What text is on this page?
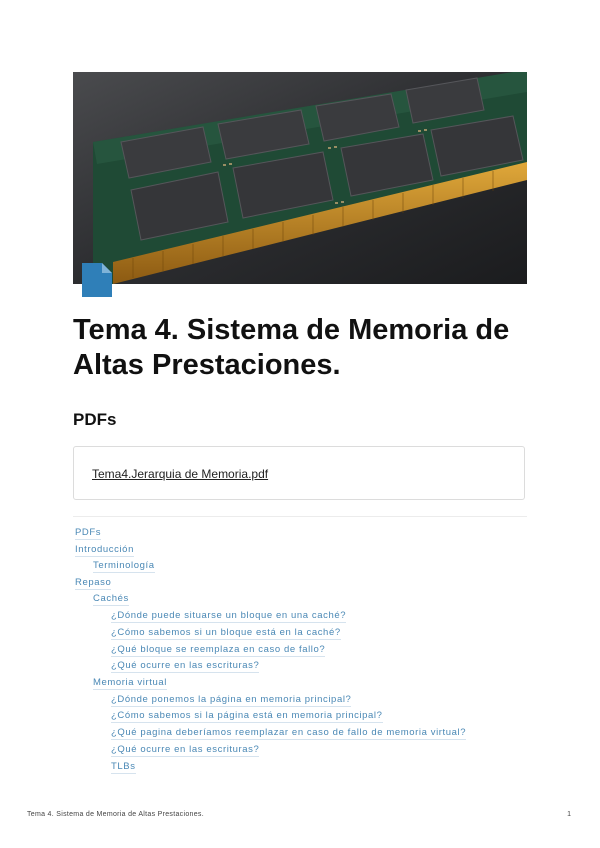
Tema 4. Sistema de Memoria de Altas Prestaciones.
PDFs
Tema4.Jerarquia de Memoria.pdf
PDFs
Introducción
Terminología
Repaso
Cachés
¿Dónde puede situarse un bloque en una caché?
¿Cómo sabemos si un bloque está en la caché?
¿Qué bloque se reemplaza en caso de fallo?
¿Qué ocurre en las escrituras?
Memoria virtual
¿Dónde ponemos la página en memoria principal?
¿Cómo sabemos si la página está en memoria principal?
¿Qué pagina deberíamos reemplazar en caso de fallo de memoria virtual?
¿Qué ocurre en las escrituras?
TLBs
Tema 4. Sistema de Memoria de Altas Prestaciones.	1
